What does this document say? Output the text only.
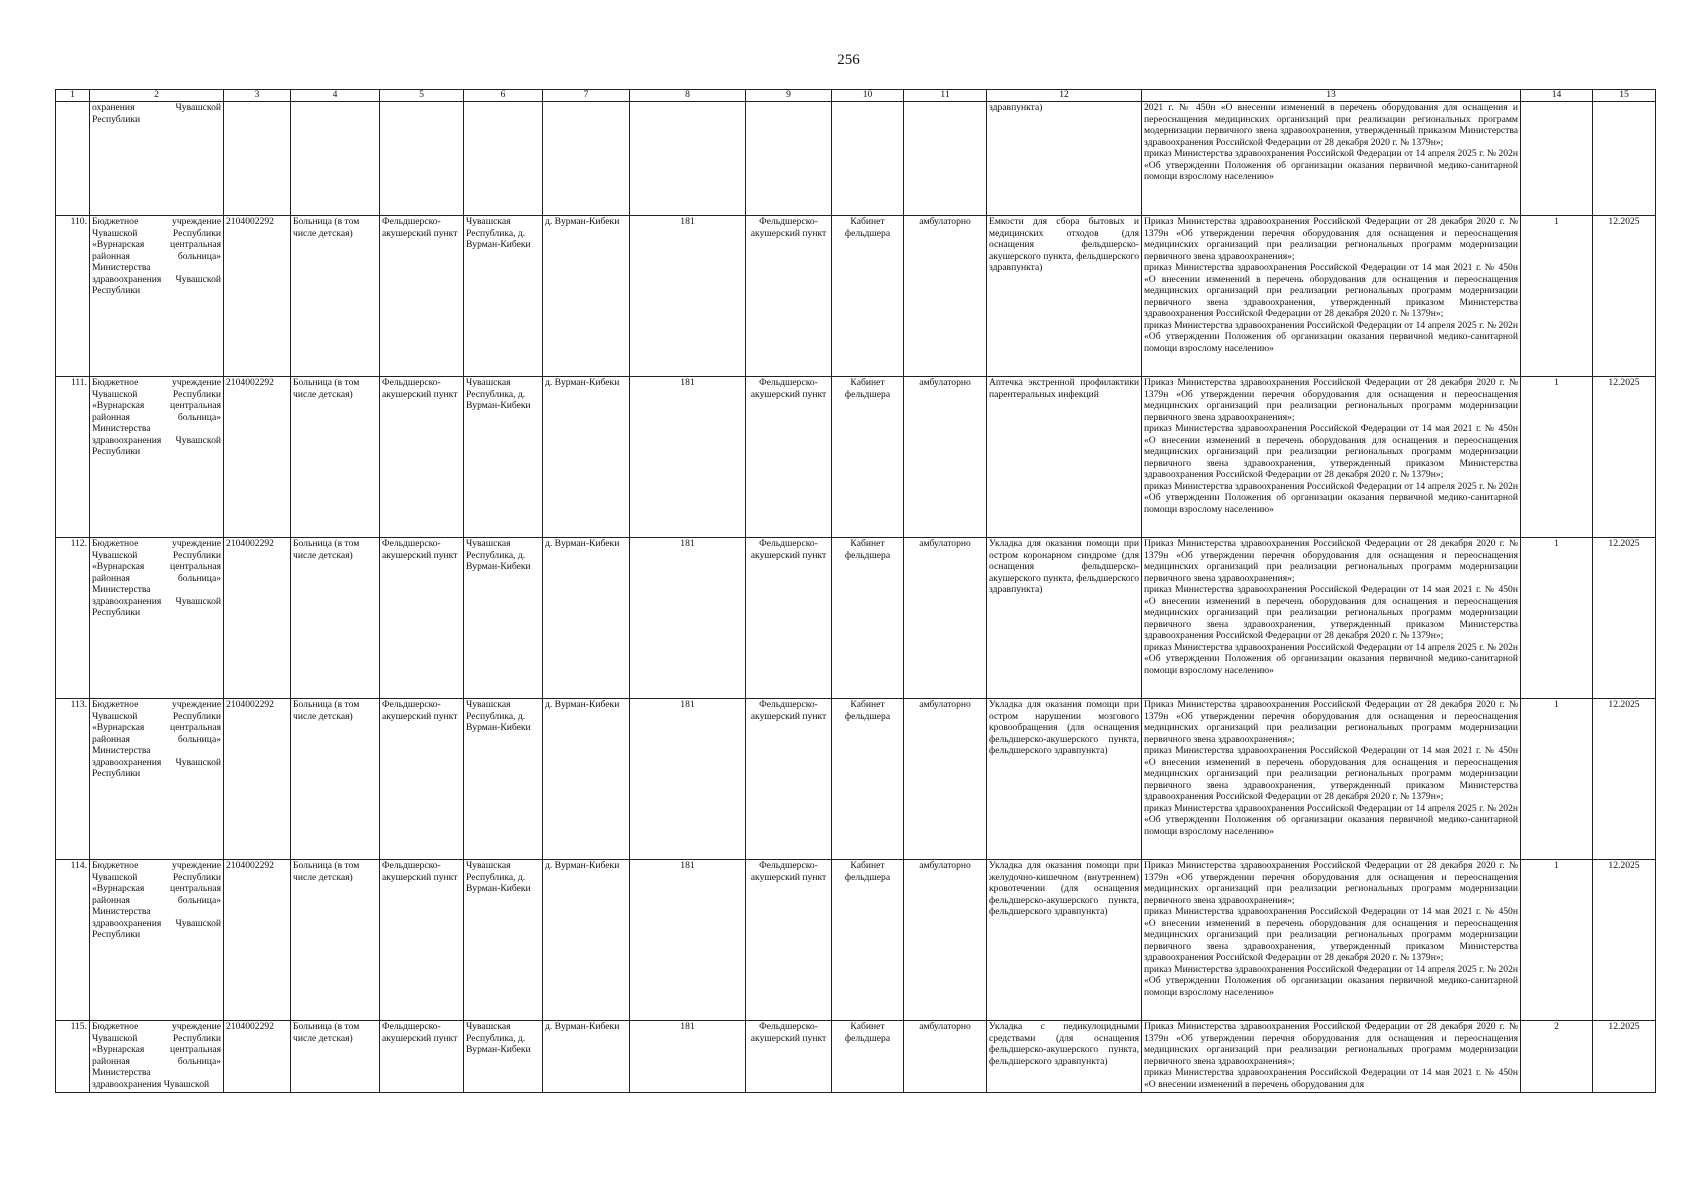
256
1	2	3	4	5	6	7	8	9	10	11	12	13	14	15
	охранения Чувашской Республики										здравпункта)	2021 г. № 450н «О внесении изменений в перечень оборудования для оснащения и переоснащения медицинских организаций при реализации региональных программ модернизации первичного звена здравоохранения, утвержденный приказом Министерства здравоохранения Российской Федерации от 28 декабря 2020 г. № 1379н»;
приказ Министерства здравоохранения Российской Федерации от 14 апреля 2025 г. № 202н «Об утверждении Положения об организации оказания первичной медико-санитарной помощи взрослому населению»		
110.	Бюджетное учреждение Чувашской Республики «Вурнарская центральная районная больница» Министерства здравоохранения Чувашской Республики	2104002292	Больница (в том числе детская)	Фельдшерско-акушерский пункт	Чувашская Республика, д. Вурман-Кибеки	д. Вурман-Кибеки	181	Фельдшерско-акушерский пункт	Кабинет фельдшера	амбулаторно	Емкости для сбора бытовых и медицинских отходов (для оснащения фельдшерско-акушерского пункта, фельдшерского здравпункта)	Приказ Министерства здравоохранения Российской Федерации от 28 декабря 2020 г. № 1379н «Об утверждении перечня оборудования для оснащения и переоснащения медицинских организаций при реализации региональных программ модернизации первичного звена здравоохранения»;
приказ Министерства здравоохранения Российской Федерации от 14 мая 2021 г. № 450н «О внесении изменений в перечень оборудования для оснащения и переоснащения медицинских организаций при реализации региональных программ модернизации первичного звена здравоохранения, утвержденный приказом Министерства здравоохранения Российской Федерации от 28 декабря 2020 г. № 1379н»;
приказ Министерства здравоохранения Российской Федерации от 14 апреля 2025 г. № 202н «Об утверждении Положения об организации оказания первичной медико-санитарной помощи взрослому населению»	1	12.2025
111.	Бюджетное учреждение Чувашской Республики «Вурнарская центральная районная больница» Министерства здравоохранения Чувашской Республики	2104002292	Больница (в том числе детская)	Фельдшерско-акушерский пункт	Чувашская Республика, д. Вурман-Кибеки	д. Вурман-Кибеки	181	Фельдшерско-акушерский пункт	Кабинет фельдшера	амбулаторно	Аптечка экстренной профилактики парентеральных инфекций	Приказ Министерства здравоохранения Российской Федерации от 28 декабря 2020 г. № 1379н «Об утверждении перечня оборудования для оснащения и переоснащения медицинских организаций при реализации региональных программ модернизации первичного звена здравоохранения»;
приказ Министерства здравоохранения Российской Федерации от 14 мая 2021 г. № 450н «О внесении изменений в перечень оборудования для оснащения и переоснащения медицинских организаций при реализации региональных программ модернизации первичного звена здравоохранения, утвержденный приказом Министерства здравоохранения Российской Федерации от 28 декабря 2020 г. № 1379н»;
приказ Министерства здравоохранения Российской Федерации от 14 апреля 2025 г. № 202н «Об утверждении Положения об организации оказания первичной медико-санитарной помощи взрослому населению»	1	12.2025
112.	Бюджетное учреждение Чувашской Республики «Вурнарская центральная районная больница» Министерства здравоохранения Чувашской Республики	2104002292	Больница (в том числе детская)	Фельдшерско-акушерский пункт	Чувашская Республика, д. Вурман-Кибеки	д. Вурман-Кибеки	181	Фельдшерско-акушерский пункт	Кабинет фельдшера	амбулаторно	Укладка для оказания помощи при остром коронарном синдроме (для оснащения фельдшерско-акушерского пункта, фельдшерского здравпункта)	Приказ Министерства здравоохранения Российской Федерации от 28 декабря 2020 г. № 1379н «Об утверждении перечня оборудования для оснащения и переоснащения медицинских организаций при реализации региональных программ модернизации первичного звена здравоохранения»;
приказ Министерства здравоохранения Российской Федерации от 14 мая 2021 г. № 450н «О внесении изменений в перечень оборудования для оснащения и переоснащения медицинских организаций при реализации региональных программ модернизации первичного звена здравоохранения, утвержденный приказом Министерства здравоохранения Российской Федерации от 28 декабря 2020 г. № 1379н»;
приказ Министерства здравоохранения Российской Федерации от 14 апреля 2025 г. № 202н «Об утверждении Положения об организации оказания первичной медико-санитарной помощи взрослому населению»	1	12.2025
113.	Бюджетное учреждение Чувашской Республики «Вурнарская центральная районная больница» Министерства здравоохранения Чувашской Республики	2104002292	Больница (в том числе детская)	Фельдшерско-акушерский пункт	Чувашская Республика, д. Вурман-Кибеки	д. Вурман-Кибеки	181	Фельдшерско-акушерский пункт	Кабинет фельдшера	амбулаторно	Укладка для оказания помощи при остром нарушении мозгового кровообращения (для оснащения фельдшерско-акушерского пункта, фельдшерского здравпункта)	Приказ Министерства здравоохранения Российской Федерации от 28 декабря 2020 г. № 1379н «Об утверждении перечня оборудования для оснащения и переоснащения медицинских организаций при реализации региональных программ модернизации первичного звена здравоохранения»;
приказ Министерства здравоохранения Российской Федерации от 14 мая 2021 г. № 450н «О внесении изменений в перечень оборудования для оснащения и переоснащения медицинских организаций при реализации региональных программ модернизации первичного звена здравоохранения, утвержденный приказом Министерства здравоохранения Российской Федерации от 28 декабря 2020 г. № 1379н»;
приказ Министерства здравоохранения Российской Федерации от 14 апреля 2025 г. № 202н «Об утверждении Положения об организации оказания первичной медико-санитарной помощи взрослому населению»	1	12.2025
114.	Бюджетное учреждение Чувашской Республики «Вурнарская центральная районная больница» Министерства здравоохранения Чувашской Республики	2104002292	Больница (в том числе детская)	Фельдшерско-акушерский пункт	Чувашская Республика, д. Вурман-Кибеки	д. Вурман-Кибеки	181	Фельдшерско-акушерский пункт	Кабинет фельдшера	амбулаторно	Укладка для оказания помощи при желудочно-кишечном (внутреннем) кровотечении (для оснащения фельдшерско-акушерского пункта, фельдшерского здравпункта)	Приказ Министерства здравоохранения Российской Федерации от 28 декабря 2020 г. № 1379н «Об утверждении перечня оборудования для оснащения и переоснащения медицинских организаций при реализации региональных программ модернизации первичного звена здравоохранения»;
приказ Министерства здравоохранения Российской Федерации от 14 мая 2021 г. № 450н «О внесении изменений в перечень оборудования для оснащения и переоснащения медицинских организаций при реализации региональных программ модернизации первичного звена здравоохранения, утвержденный приказом Министерства здравоохранения Российской Федерации от 28 декабря 2020 г. № 1379н»;
приказ Министерства здравоохранения Российской Федерации от 14 апреля 2025 г. № 202н «Об утверждении Положения об организации оказания первичной медико-санитарной помощи взрослому населению»	1	12.2025
115.	Бюджетное учреждение Чувашской Республики «Вурнарская центральная районная больница» Министерства здравоохранения Чувашской	2104002292	Больница (в том числе детская)	Фельдшерско-акушерский пункт	Чувашская Республика, д. Вурман-Кибеки	д. Вурман-Кибеки	181	Фельдшерско-акушерский пункт	Кабинет фельдшера	амбулаторно	Укладка с педикулоцидными средствами (для оснащения фельдшерско-акушерского пункта, фельдшерского здравпункта)	Приказ Министерства здравоохранения Российской Федерации от 28 декабря 2020 г. № 1379н «Об утверждении перечня оборудования для оснащения и переоснащения медицинских организаций при реализации региональных программ модернизации первичного звена здравоохранения»;
приказ Министерства здравоохранения Российской Федерации от 14 мая 2021 г. № 450н «О внесении изменений в перечень оборудования для	2	12.2025
